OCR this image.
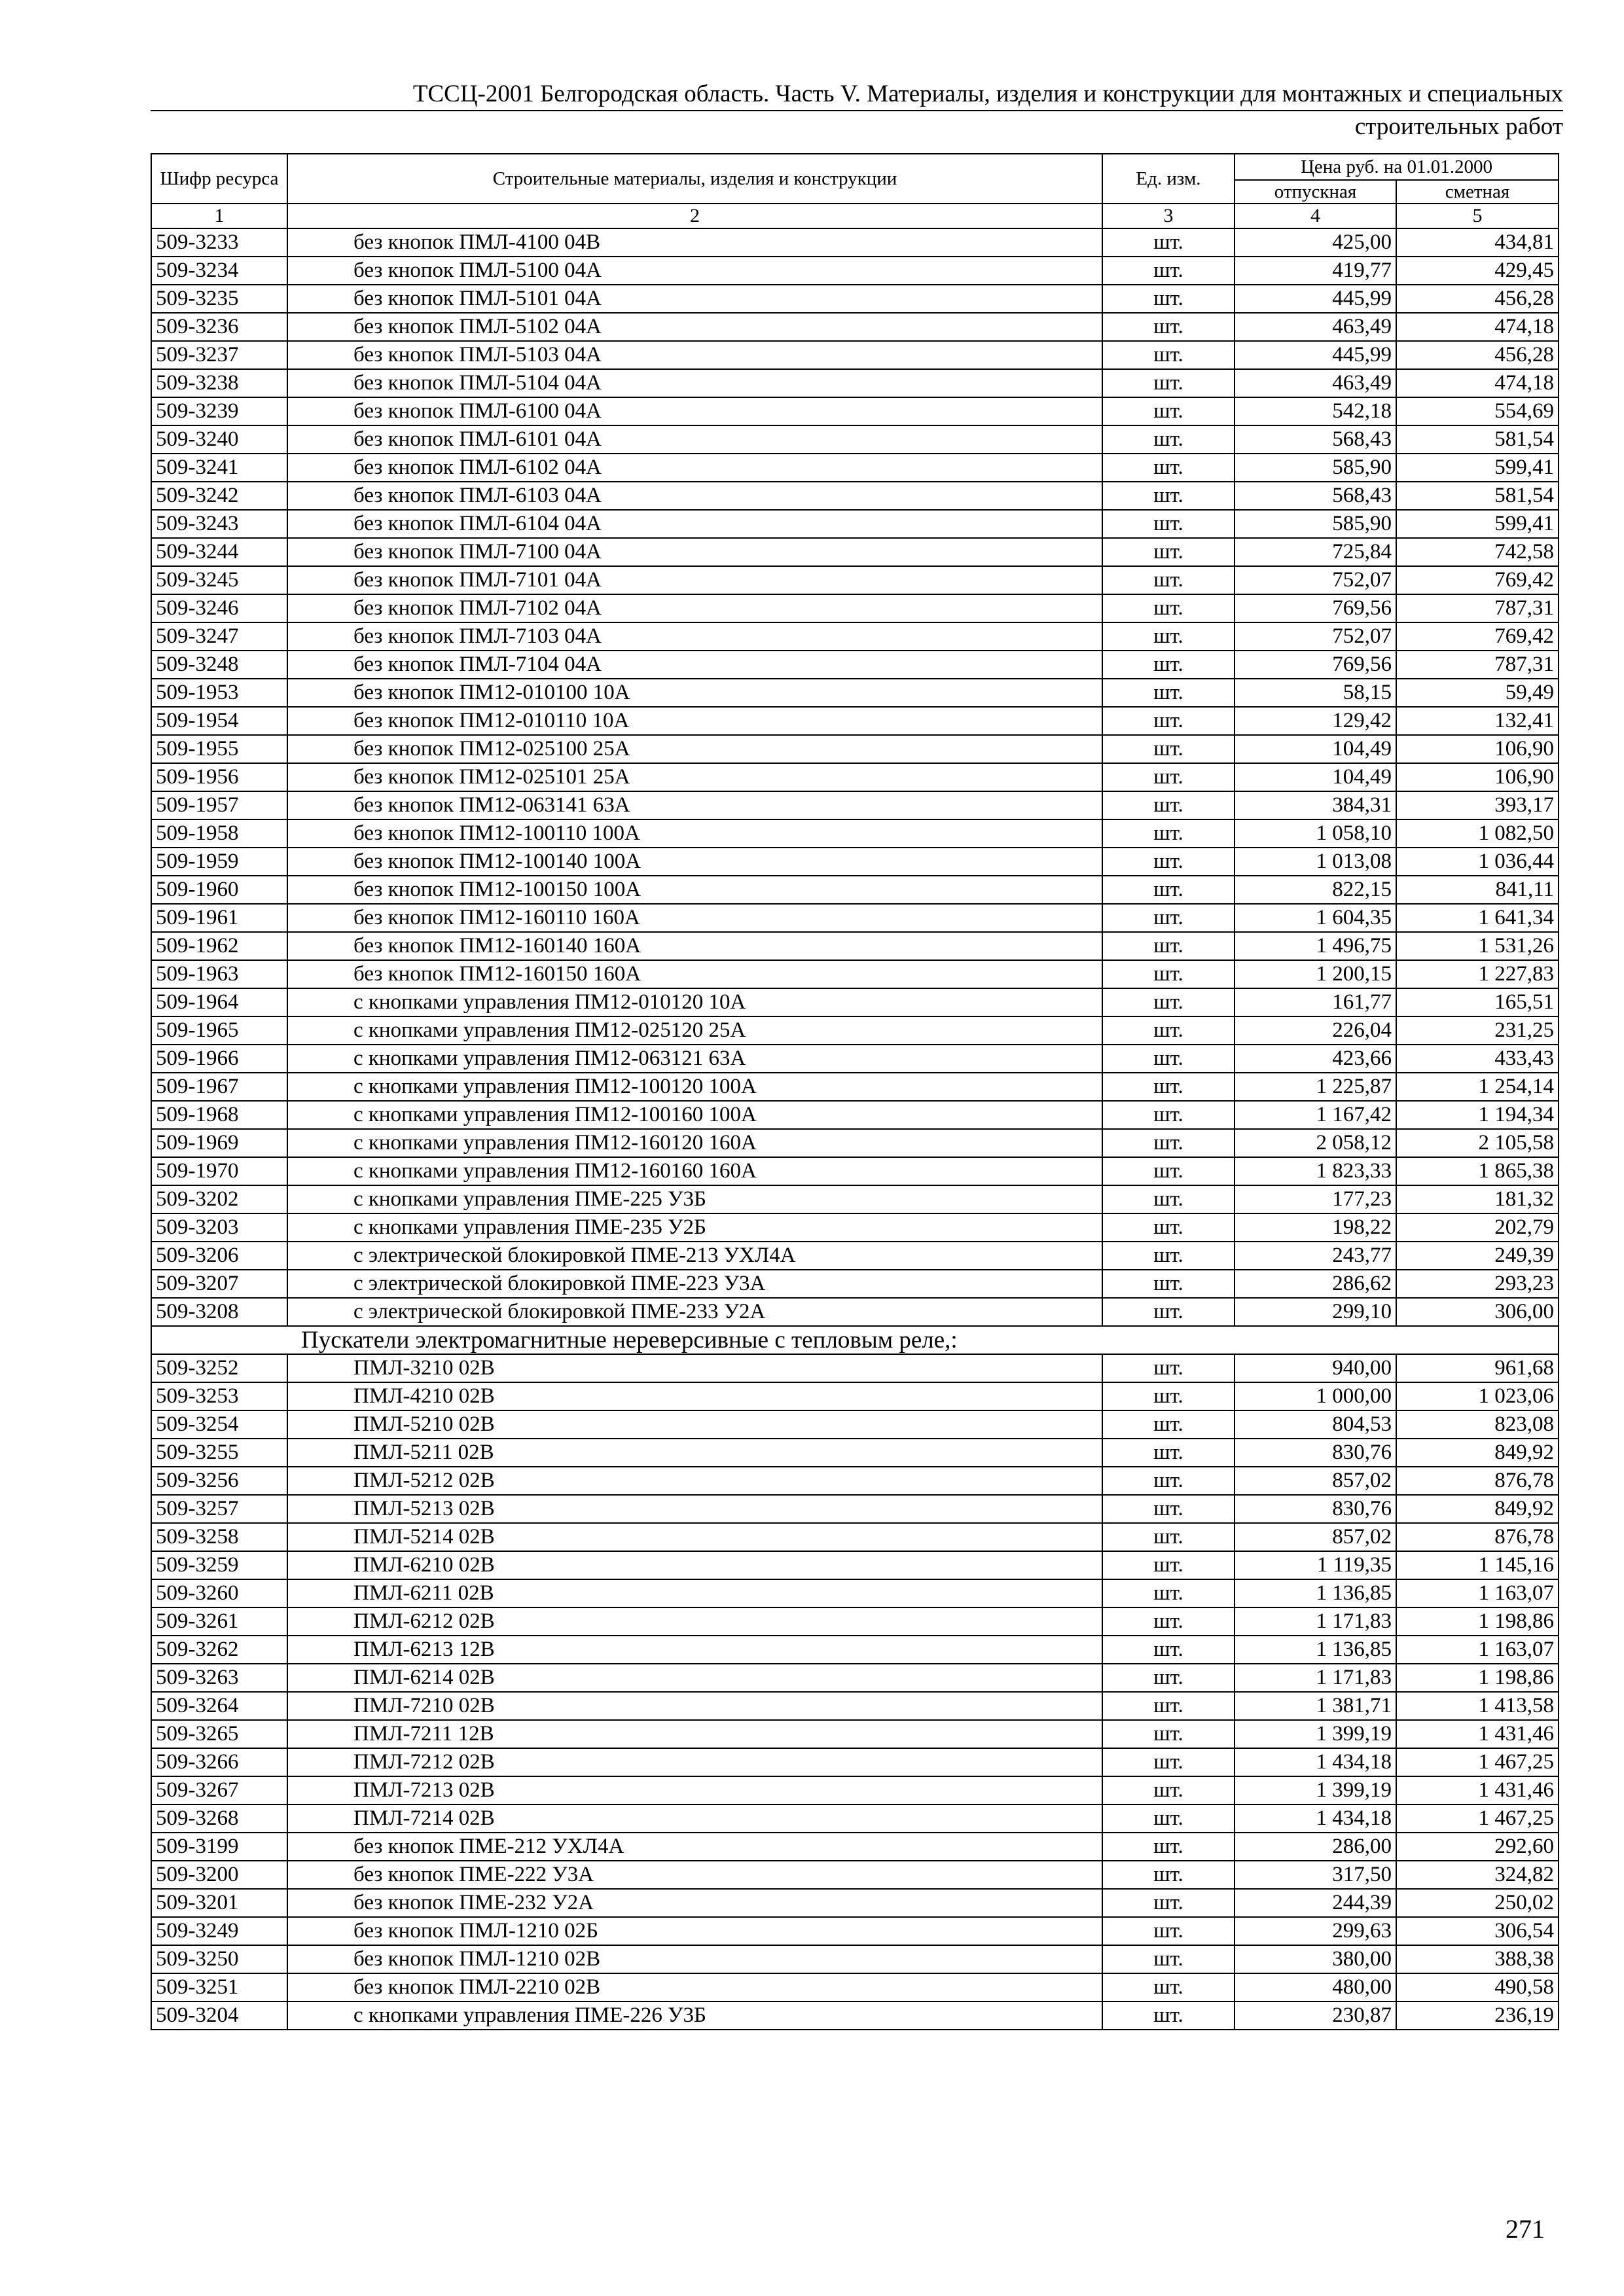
ТССЦ-2001 Белгородская область. Часть V. Материалы, изделия и конструкции для монтажных и специальных
строительных работ
Шифр ресурса	Строительные материалы, изделия и конструкции	Ед. изм.	Цена руб. на 01.01.2000	
			отпускная	сметная
1	2	3	4	5
509-3233	без кнопок ПМЛ-4100 04В	шт.	425,00	434,81
509-3234	без кнопок ПМЛ-5100 04А	шт.	419,77	429,45
509-3235	без кнопок ПМЛ-5101 04А	шт.	445,99	456,28
509-3236	без кнопок ПМЛ-5102 04А	шт.	463,49	474,18
509-3237	без кнопок ПМЛ-5103 04А	шт.	445,99	456,28
509-3238	без кнопок ПМЛ-5104 04А	шт.	463,49	474,18
509-3239	без кнопок ПМЛ-6100 04А	шт.	542,18	554,69
509-3240	без кнопок ПМЛ-6101 04А	шт.	568,43	581,54
509-3241	без кнопок ПМЛ-6102 04А	шт.	585,90	599,41
509-3242	без кнопок ПМЛ-6103 04А	шт.	568,43	581,54
509-3243	без кнопок ПМЛ-6104 04А	шт.	585,90	599,41
509-3244	без кнопок ПМЛ-7100 04А	шт.	725,84	742,58
509-3245	без кнопок ПМЛ-7101 04А	шт.	752,07	769,42
509-3246	без кнопок ПМЛ-7102 04А	шт.	769,56	787,31
509-3247	без кнопок ПМЛ-7103 04А	шт.	752,07	769,42
509-3248	без кнопок ПМЛ-7104 04А	шт.	769,56	787,31
509-1953	без кнопок ПМ12-010100 10А	шт.	58,15	59,49
509-1954	без кнопок ПМ12-010110 10А	шт.	129,42	132,41
509-1955	без кнопок ПМ12-025100 25А	шт.	104,49	106,90
509-1956	без кнопок ПМ12-025101 25А	шт.	104,49	106,90
509-1957	без кнопок ПМ12-063141 63А	шт.	384,31	393,17
509-1958	без кнопок ПМ12-100110 100А	шт.	1 058,10	1 082,50
509-1959	без кнопок ПМ12-100140 100А	шт.	1 013,08	1 036,44
509-1960	без кнопок ПМ12-100150 100А	шт.	822,15	841,11
509-1961	без кнопок ПМ12-160110 160А	шт.	1 604,35	1 641,34
509-1962	без кнопок ПМ12-160140 160А	шт.	1 496,75	1 531,26
509-1963	без кнопок ПМ12-160150 160А	шт.	1 200,15	1 227,83
509-1964	с кнопками управления ПМ12-010120 10А	шт.	161,77	165,51
509-1965	с кнопками управления ПМ12-025120 25А	шт.	226,04	231,25
509-1966	с кнопками управления ПМ12-063121 63А	шт.	423,66	433,43
509-1967	с кнопками управления ПМ12-100120 100А	шт.	1 225,87	1 254,14
509-1968	с кнопками управления ПМ12-100160 100А	шт.	1 167,42	1 194,34
509-1969	с кнопками управления ПМ12-160120 160А	шт.	2 058,12	2 105,58
509-1970	с кнопками управления ПМ12-160160 160А	шт.	1 823,33	1 865,38
509-3202	с кнопками управления ПМЕ-225 У3Б	шт.	177,23	181,32
509-3203	с кнопками управления ПМЕ-235 У2Б	шт.	198,22	202,79
509-3206	с электрической блокировкой ПМЕ-213 УХЛ4А	шт.	243,77	249,39
509-3207	с электрической блокировкой ПМЕ-223 У3А	шт.	286,62	293,23
509-3208	с электрической блокировкой ПМЕ-233 У2А	шт.	299,10	306,00
Пускатели электромагнитные нереверсивные с тепловым реле,:				
509-3252	ПМЛ-3210 02В	шт.	940,00	961,68
509-3253	ПМЛ-4210 02В	шт.	1 000,00	1 023,06
509-3254	ПМЛ-5210 02В	шт.	804,53	823,08
509-3255	ПМЛ-5211 02В	шт.	830,76	849,92
509-3256	ПМЛ-5212 02В	шт.	857,02	876,78
509-3257	ПМЛ-5213 02В	шт.	830,76	849,92
509-3258	ПМЛ-5214 02В	шт.	857,02	876,78
509-3259	ПМЛ-6210 02В	шт.	1 119,35	1 145,16
509-3260	ПМЛ-6211 02В	шт.	1 136,85	1 163,07
509-3261	ПМЛ-6212 02В	шт.	1 171,83	1 198,86
509-3262	ПМЛ-6213 12В	шт.	1 136,85	1 163,07
509-3263	ПМЛ-6214 02В	шт.	1 171,83	1 198,86
509-3264	ПМЛ-7210 02В	шт.	1 381,71	1 413,58
509-3265	ПМЛ-7211 12В	шт.	1 399,19	1 431,46
509-3266	ПМЛ-7212 02В	шт.	1 434,18	1 467,25
509-3267	ПМЛ-7213 02В	шт.	1 399,19	1 431,46
509-3268	ПМЛ-7214 02В	шт.	1 434,18	1 467,25
509-3199	без кнопок ПМЕ-212 УХЛ4А	шт.	286,00	292,60
509-3200	без кнопок ПМЕ-222 У3А	шт.	317,50	324,82
509-3201	без кнопок ПМЕ-232 У2А	шт.	244,39	250,02
509-3249	без кнопок ПМЛ-1210 02Б	шт.	299,63	306,54
509-3250	без кнопок ПМЛ-1210 02В	шт.	380,00	388,38
509-3251	без кнопок ПМЛ-2210 02В	шт.	480,00	490,58
509-3204	с кнопками управления ПМЕ-226 У3Б	шт.	230,87	236,19
271
